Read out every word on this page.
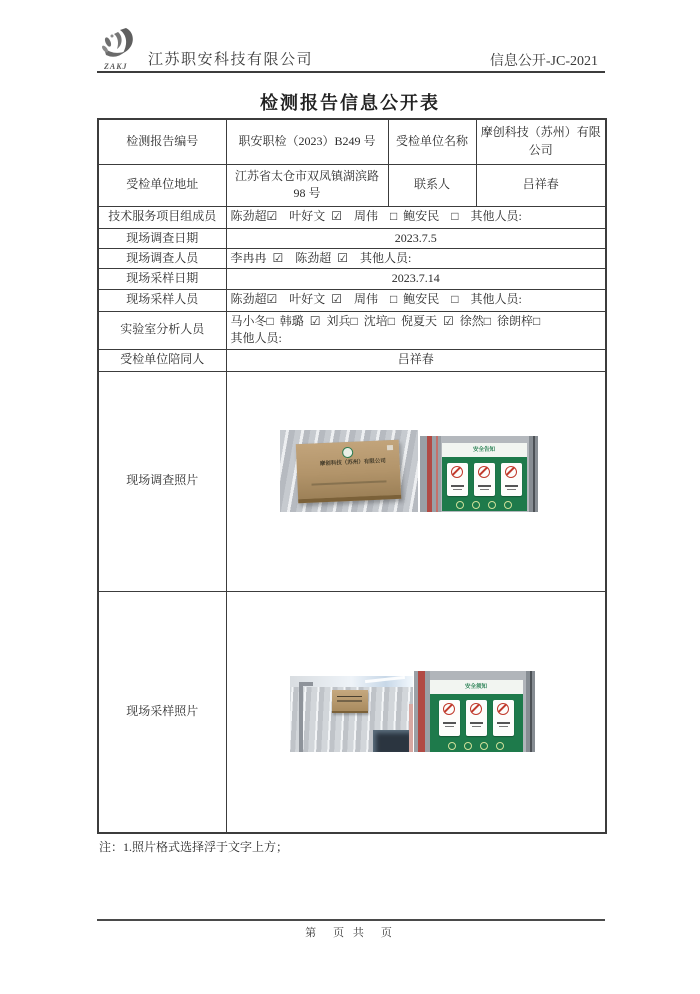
ZAKJ 江苏职安科技有限公司	信息公开-JC-2021
检测报告信息公开表
检测报告编号	职安职检（2023）B249 号	受检单位名称	摩创科技（苏州）有限公司
受检单位地址	江苏省太仓市双凤镇湖滨路98 号	联系人	吕祥春
技术服务项目组成员	陈劲超☑　叶好文 ☑　周伟　□ 鲍安民　□　其他人员:		
现场调查日期	2023.7.5		
现场调查人员	李冉冉 ☑　陈劲超 ☑　其他人员:		
现场采样日期	2023.7.14		
现场采样人员	陈劲超☑　叶好文 ☑　周伟　□ 鲍安民　□　其他人员:		
实验室分析人员	马小冬□ 韩璐 ☑ 刘兵□ 沈培□ 倪夏天 ☑ 徐然□ 徐朗梓□
其他人员:		
受检单位陪同人	吕祥春		
现场调查照片	摩创科技（苏州）有限公司
安全告知		

现场采样照片	安全须知		
注：1.照片格式选择浮于文字上方；
第　页 共　页
